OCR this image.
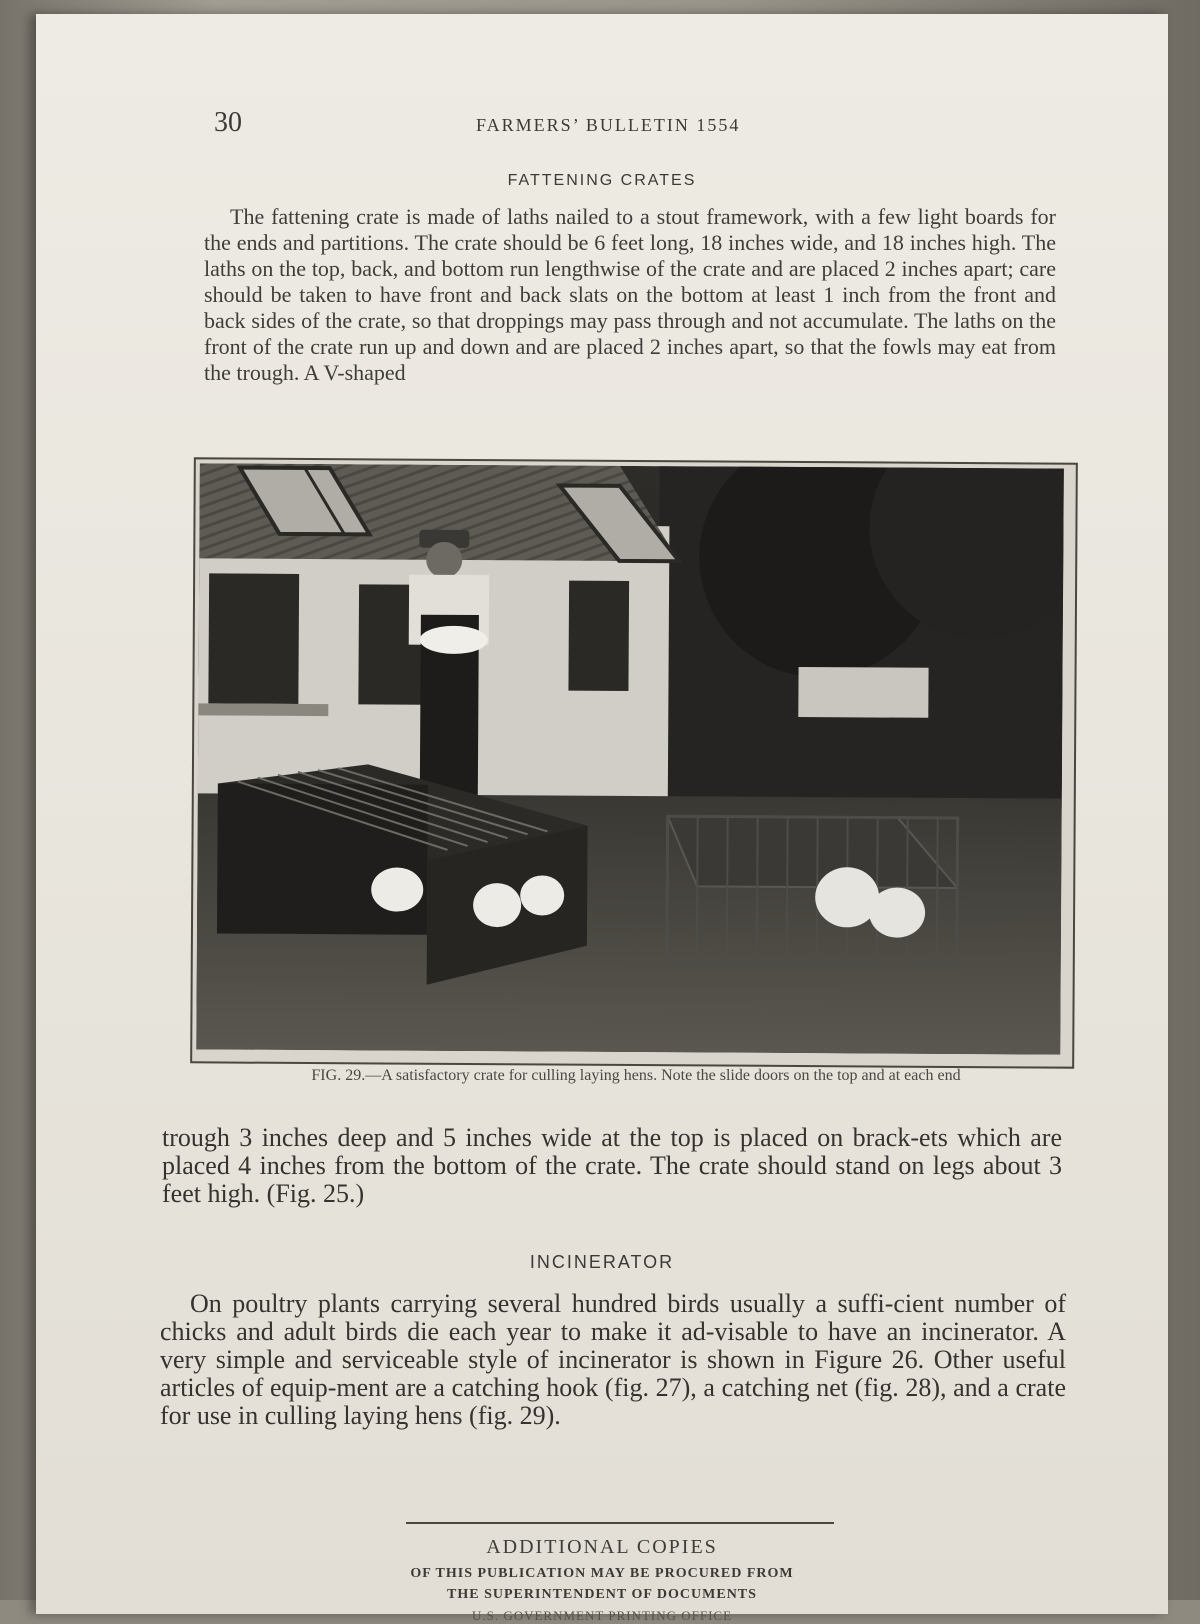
30	FARMERS’ BULLETIN 1554
FATTENING CRATES

The fattening crate is made of laths nailed to a stout framework, with a few light boards for the ends and partitions. The crate should be 6 feet long, 18 inches wide, and 18 inches high. The laths on the top, back, and bottom run lengthwise of the crate and are placed 2 inches apart; care should be taken to have front and back slats on the bottom at least 1 inch from the front and back sides of the crate, so that droppings may pass through and not accumulate. The laths on the front of the crate run up and down and are placed 2 inches apart, so that the fowls may eat from the trough. A V-shaped

FIG. 29.—A satisfactory crate for culling laying hens. Note the slide doors on the top and at each end

trough 3 inches deep and 5 inches wide at the top is placed on brack-ets which are placed 4 inches from the bottom of the crate. The crate should stand on legs about 3 feet high. (Fig. 25.)

INCINERATOR

On poultry plants carrying several hundred birds usually a suffi-cient number of chicks and adult birds die each year to make it ad-visable to have an incinerator. A very simple and serviceable style of incinerator is shown in Figure 26. Other useful articles of equip-ment are a catching hook (fig. 27), a catching net (fig. 28), and a crate for use in culling laying hens (fig. 29).

ADDITIONAL COPIES
OF THIS PUBLICATION MAY BE PROCURED FROM
THE SUPERINTENDENT OF DOCUMENTS
U.S. GOVERNMENT PRINTING OFFICE
